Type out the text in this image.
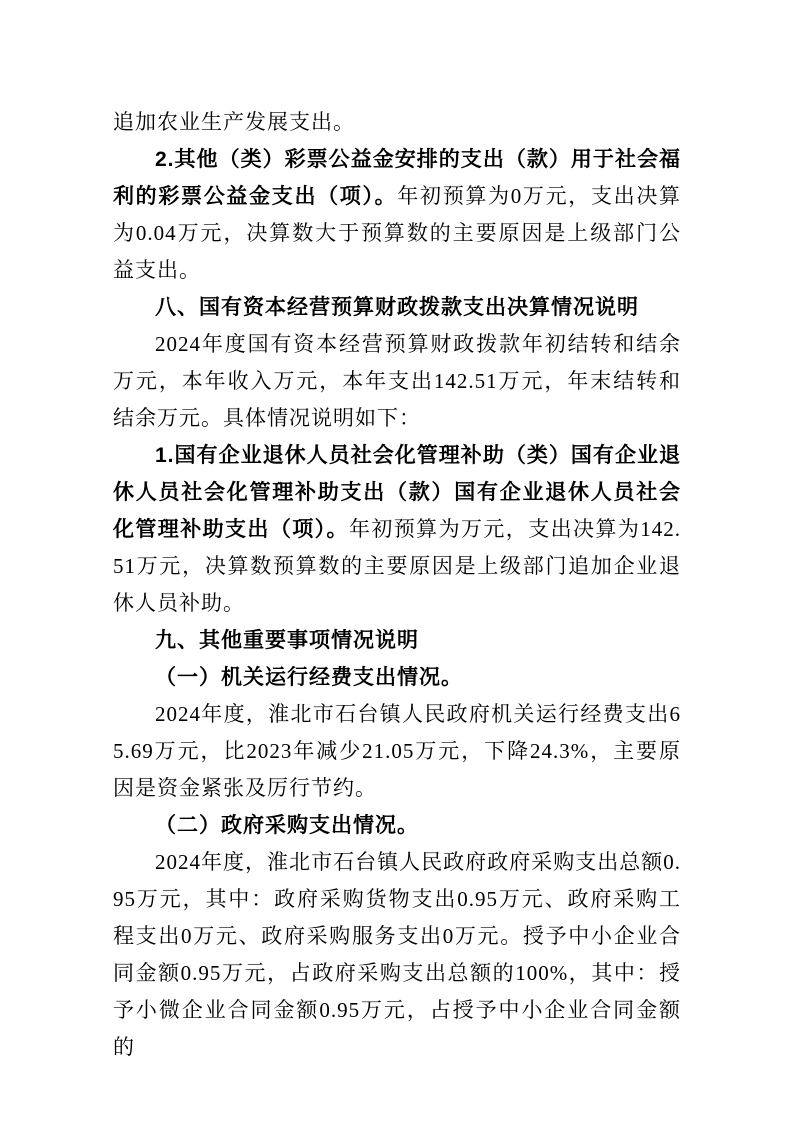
追加农业生产发展支出。

2.其他（类）彩票公益金安排的支出（款）用于社会福利的彩票公益金支出（项）。年初预算为0万元，支出决算为0.04万元，决算数大于预算数的主要原因是上级部门公益支出。

八、国有资本经营预算财政拨款支出决算情况说明

2024年度国有资本经营预算财政拨款年初结转和结余万元，本年收入万元，本年支出142.51万元，年末结转和结余万元。具体情况说明如下：

1.国有企业退休人员社会化管理补助（类）国有企业退休人员社会化管理补助支出（款）国有企业退休人员社会化管理补助支出（项）。年初预算为万元，支出决算为142.51万元，决算数预算数的主要原因是上级部门追加企业退休人员补助。

九、其他重要事项情况说明

（一）机关运行经费支出情况。

2024年度，淮北市石台镇人民政府机关运行经费支出65.69万元，比2023年减少21.05万元，下降24.3%，主要原因是资金紧张及厉行节约。

（二）政府采购支出情况。

2024年度，淮北市石台镇人民政府政府采购支出总额0.95万元，其中：政府采购货物支出0.95万元、政府采购工程支出0万元、政府采购服务支出0万元。授予中小企业合同金额0.95万元，占政府采购支出总额的100%，其中：授予小微企业合同金额0.95万元，占授予中小企业合同金额的
